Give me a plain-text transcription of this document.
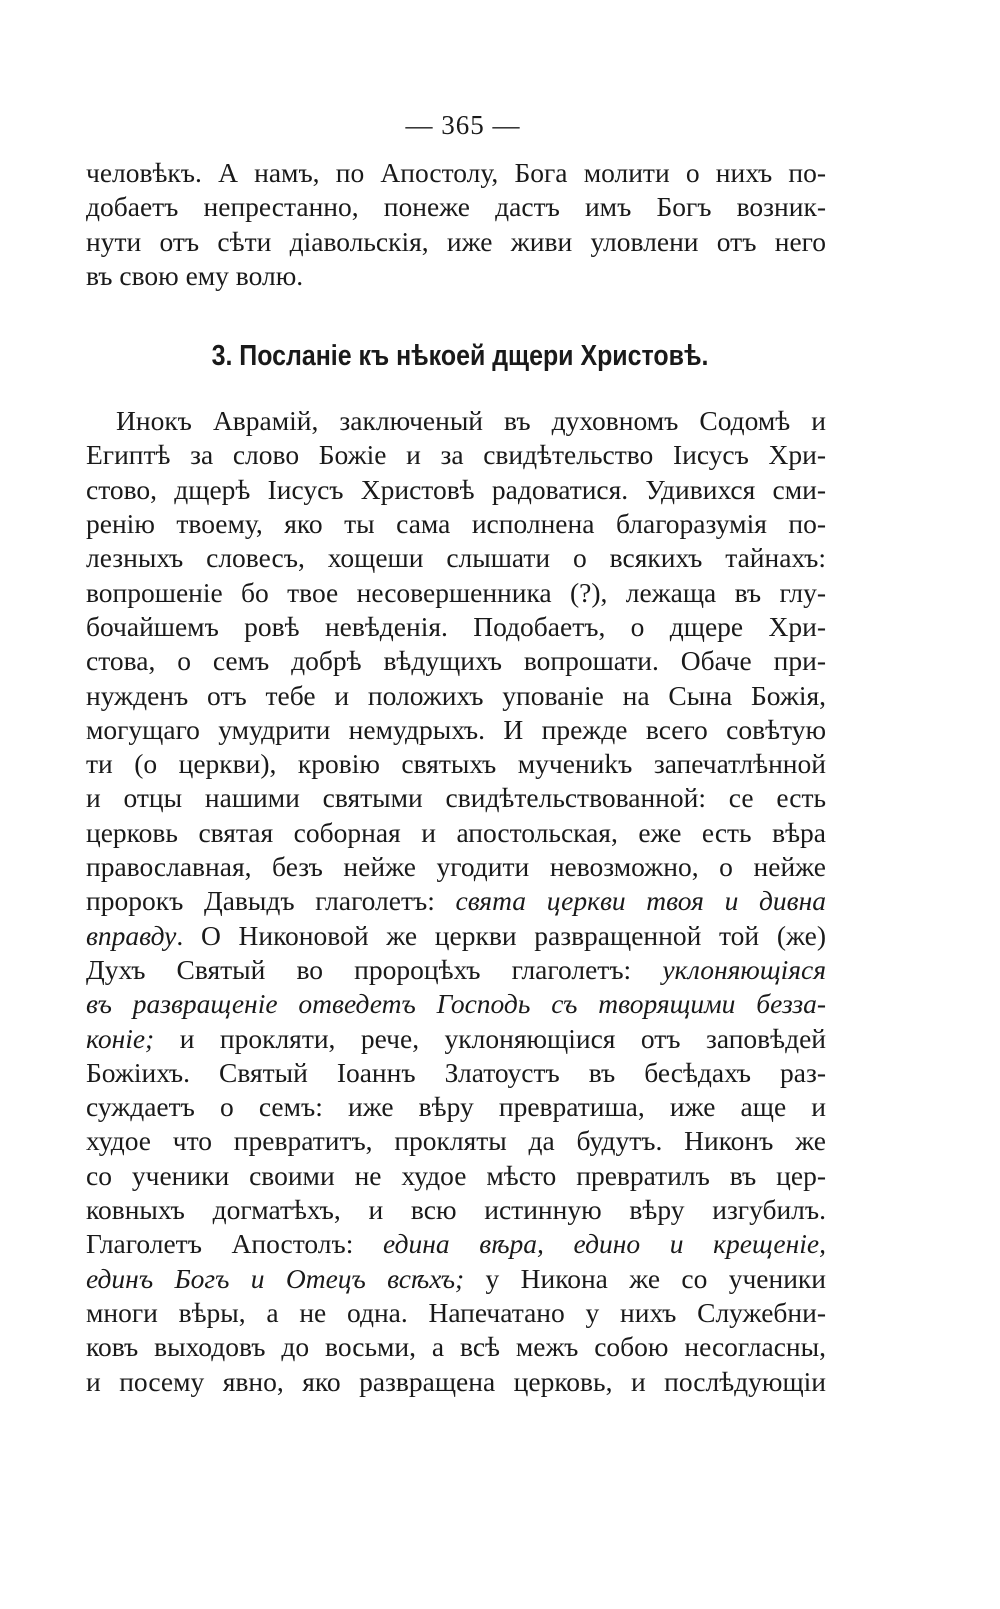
— 365 —
человѣкъ. А намъ, по Апостолу, Бога молити о нихъ по-
добаетъ непрестанно, понеже дастъ имъ Богъ возник-
нути отъ сѣти діавольскія, иже живи уловлени отъ него
въ свою ему волю.
3. Посланіе къ нѣкоей дщери Христовѣ.
Инокъ Аврамій, заключеный въ духовномъ Содомѣ и
Египтѣ за слово Божіе и за свидѣтельство Іисусъ Хри-
стово, дщерѣ Іисусъ Христовѣ радоватися. Удивихся сми-
ренію твоему, яко ты сама исполнена благоразумія по-
лезныхъ словесъ, хощеши слышати о всякихъ тайнахъ:
вопрошеніе бо твое несовершенника (?), лежаща въ глу-
бочайшемъ ровѣ невѣденія. Подобаетъ, о дщере Хри-
стова, о семъ добрѣ вѣдущихъ вопрошати. Обаче при-
нужденъ отъ тебе и положихъ упованіе на Сына Божія,
могущаго умудрити немудрыхъ. И прежде всего совѣтую
ти (о церкви), кровію святыхъ мучениkъ запечатлѣнной
и отцы нашими святыми свидѣтельствованной: се есть
церковь святая соборная и апостольская, еже есть вѣра
православная, безъ нейже угодити невозможно, о нейже
пророкъ Давыдъ глаголетъ: свята церкви твоя и дивна
вправду. О Никоновой же церкви развращенной той (же)
Духъ Святый во пророцѣхъ глаголетъ: уклоняющіяся
въ развращеніе отведетъ Господь съ творящими безза-
коніе; и прокляти, рече, уклоняющіися отъ заповѣдей
Божіихъ. Святый Іоаннъ Златоустъ въ бесѣдахъ раз-
суждаетъ о семъ: иже вѣру превратиша, иже аще и
худое что превратитъ, прокляты да будутъ. Никонъ же
со ученики своими не худое мѣсто превратилъ въ цер-
ковныхъ догматѣхъ, и всю истинную вѣру изгубилъ.
Глаголетъ Апостолъ: едина вѣра, едино и крещеніе,
единъ Богъ и Отецъ всѣхъ; у Никона же со ученики
многи вѣры, а не одна. Напечатано у нихъ Служебни-
ковъ выходовъ до восьми, а всѣ межъ собою несогласны,
и посему явно, яко развращена церковь, и послѣдующіи
